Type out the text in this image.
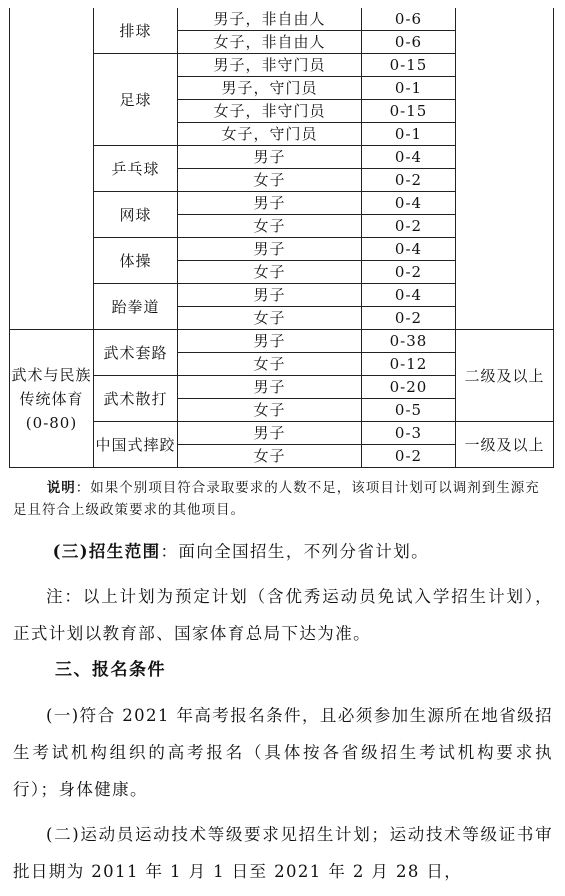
	排球	男子，非自由人	0-6	
		女子，非自由人	0-6	
	足球	男子，非守门员	0-15	
		男子，守门员	0-1	
		女子，非守门员	0-15	
		女子，守门员	0-1	
	乒乓球	男子	0-4	
		女子	0-2	
	网球	男子	0-4	
		女子	0-2	
	体操	男子	0-4	
		女子	0-2	
	跆拳道	男子	0-4	
		女子	0-2	
武术与民族传统体育(0-80)	武术套路	男子	0-38	二级及以上
		女子	0-12	
	武术散打	男子	0-20	
		女子	0-5	
	中国式摔跤	男子	0-3	一级及以上
		女子	0-2	

说明：如果个别项目符合录取要求的人数不足，该项目计划可以调剂到生源充足且符合上级政策要求的其他项目。

(三)招生范围：面向全国招生，不列分省计划。

注：以上计划为预定计划（含优秀运动员免试入学招生计划），正式计划以教育部、国家体育总局下达为准。

三、报名条件

(一)符合 2021 年高考报名条件，且必须参加生源所在地省级招生考试机构组织的高考报名（具体按各省级招生考试机构要求执行）；身体健康。

(二)运动员运动技术等级要求见招生计划；运动技术等级证书审批日期为 2011 年 1 月 1 日至 2021 年 2 月 28 日，
